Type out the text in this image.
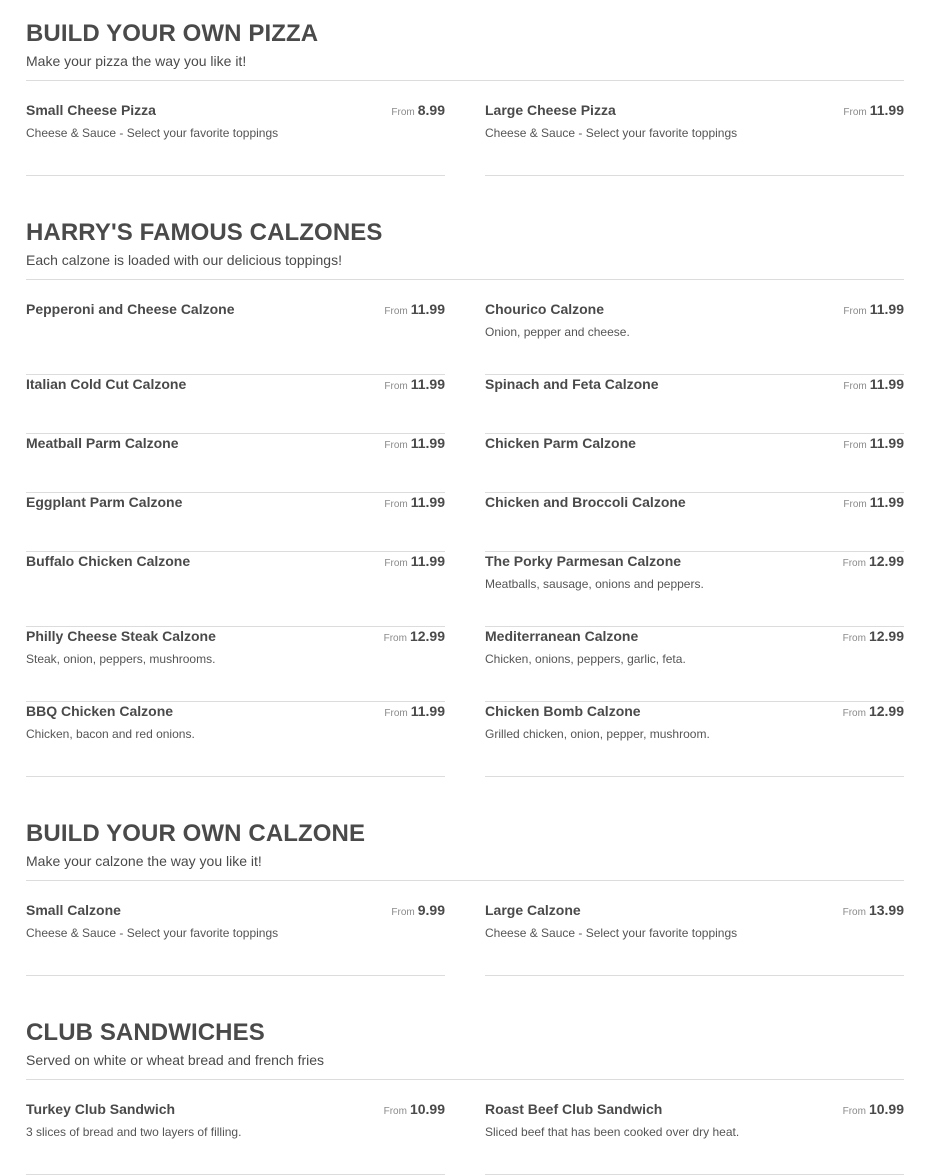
BUILD YOUR OWN PIZZA
Make your pizza the way you like it!
Small Cheese Pizza	From 8.99
Cheese & Sauce - Select your favorite toppings
Large Cheese Pizza	From 11.99
Cheese & Sauce - Select your favorite toppings
HARRY'S FAMOUS CALZONES
Each calzone is loaded with our delicious toppings!
Pepperoni and Cheese Calzone	From 11.99	Chourico Calzone	From 11.99
Onion, pepper and cheese.
Italian Cold Cut Calzone	From 11.99	Spinach and Feta Calzone	From 11.99
Meatball Parm Calzone	From 11.99	Chicken Parm Calzone	From 11.99
Eggplant Parm Calzone	From 11.99	Chicken and Broccoli Calzone	From 11.99
Buffalo Chicken Calzone	From 11.99	The Porky Parmesan Calzone	From 12.99
Meatballs, sausage, onions and peppers.
Philly Cheese Steak Calzone	From 12.99
Steak, onion, peppers, mushrooms.
Mediterranean Calzone	From 12.99
Chicken, onions, peppers, garlic, feta.
BBQ Chicken Calzone	From 11.99
Chicken, bacon and red onions.
Chicken Bomb Calzone	From 12.99
Grilled chicken, onion, pepper, mushroom.
BUILD YOUR OWN CALZONE
Make your calzone the way you like it!
Small Calzone	From 9.99
Cheese & Sauce - Select your favorite toppings
Large Calzone	From 13.99
Cheese & Sauce - Select your favorite toppings
CLUB SANDWICHES
Served on white or wheat bread and french fries
Turkey Club Sandwich	From 10.99
3 slices of bread and two layers of filling.
Roast Beef Club Sandwich	From 10.99
Sliced beef that has been cooked over dry heat.
